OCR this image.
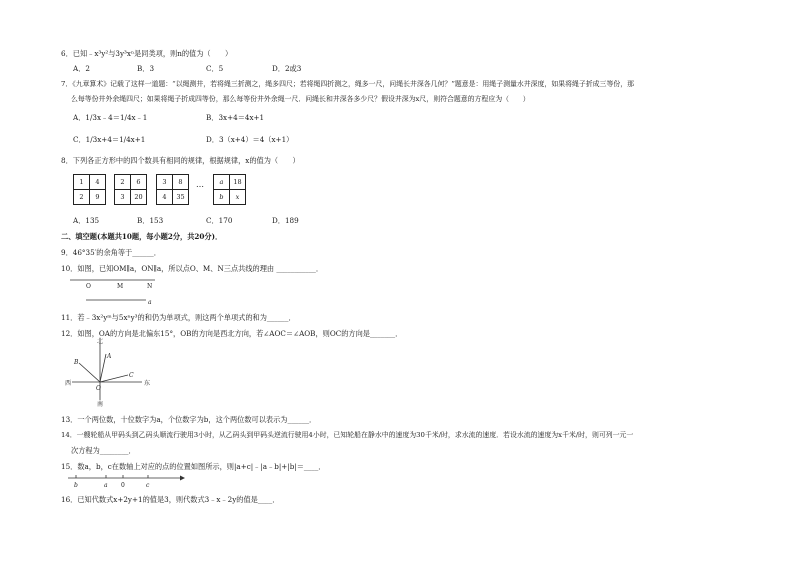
6．已知﹣x³y²与3y³xⁿ是同类项，则n的值为（　　）
A．2	B．3	C．5	D．2或3
7．《九章算术》记载了这样一道题：“以绳测井，若将绳三折测之，绳多四尺；若将绳四折测之，绳多一尺，问绳长井深各几何？”题意是：用绳子测量水井深度，如果将绳子折成三等份，那
么每等份井外余绳四尺；如果将绳子折成四等份，那么每等份井外余绳一尺．问绳长和井深各多少尺？假设井深为x尺，则符合题意的方程应为（　　）
A．1/3x﹣4＝1/4x﹣1	B．3x+4＝4x+1
C．1/3x+4＝1/4x+1	D．3（x+4）＝4（x+1）
8．下列各正方形中的四个数具有相同的规律，根据规律，x的值为（　　）
1	4
2	9
2	6
3	20
3	8
4	35
… a	18
b	x
A．135	B．153	C．170	D．189
二、填空题(本题共10题，每小题2分，共20分)．
9．46°35′的余角等于______．
10．如图，已知OM∥a，ON∥a，所以点O、M、N三点共线的理由 ___________．
O	M	N
a
11．若﹣3x²yᵐ与5xⁿy³的和仍为单项式，则这两个单项式的和为______．
12．如图，OA的方向是北偏东15°，OB的方向是西北方向，若∠AOC＝∠AOB，则OC的方向是_______．
北
B
A
西
O
C
东
南
13．一个两位数，十位数字为a，个位数字为b，这个两位数可以表示为______．
14．一艘轮船从甲码头到乙码头顺流行驶用3小时，从乙码头到甲码头逆流行驶用4小时，已知轮船在静水中的速度为30千米/时，求水流的速度．若设水流的速度为x千米/时，则可列一元一
次方程为________．
15．数a，b，c在数轴上对应的点的位置如图所示，则|a+c|﹣|a﹣b|+|b|＝____．
b	a 0	c
16．已知代数式x+2y+1的值是3，则代数式3﹣x﹣2y的值是____．
